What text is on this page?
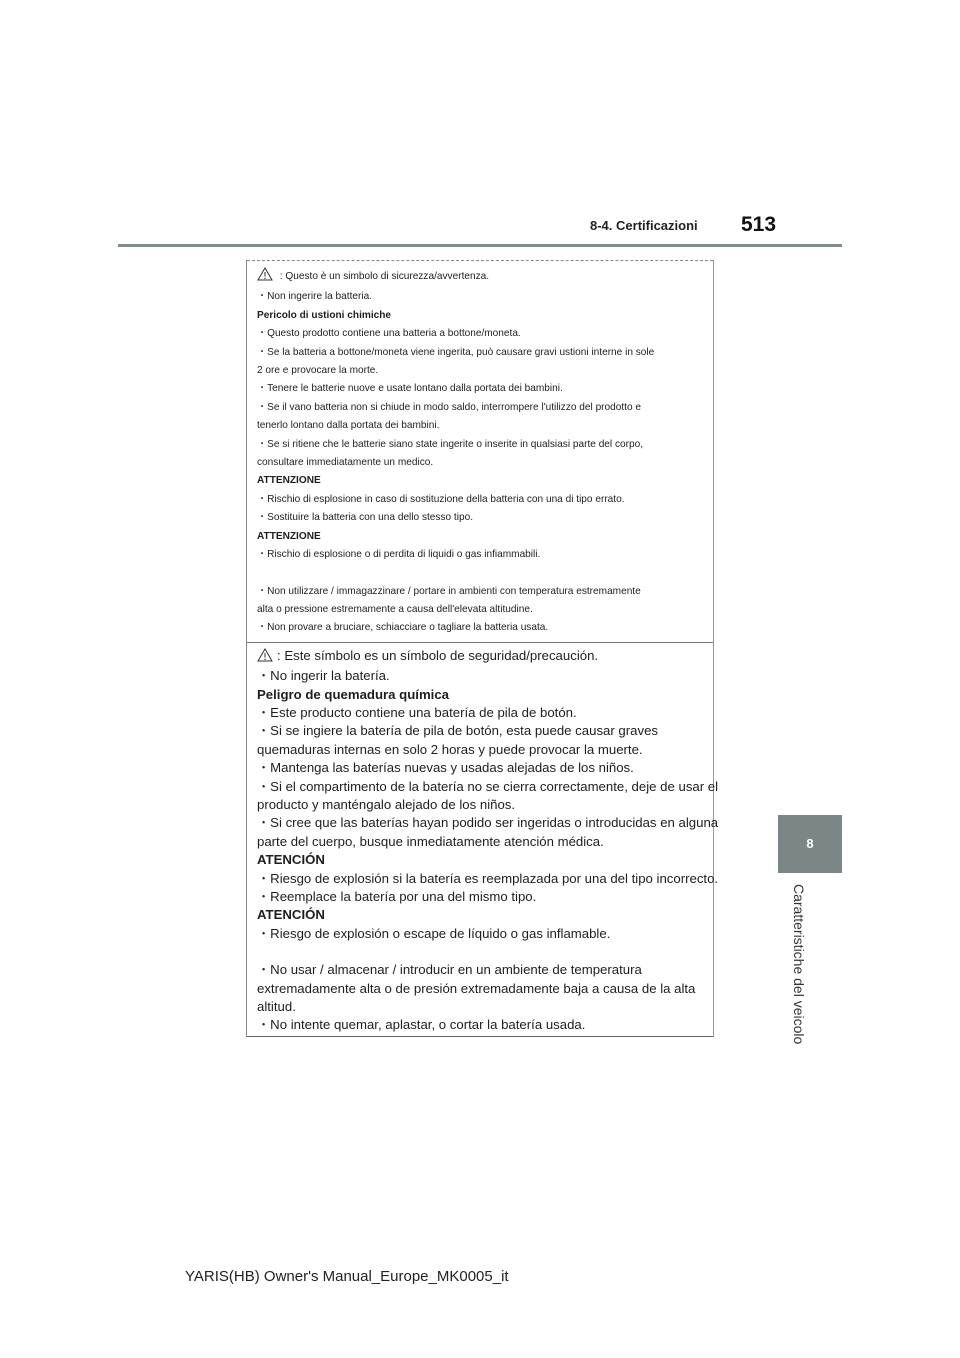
8-4. Certificazioni 513
8
Caratteristiche del veicolo

: Questo è un simbolo di sicurezza/avvertenza.

・Non ingerire la batteria.

Pericolo di ustioni chimiche

・Questo prodotto contiene una batteria a bottone/moneta.

・Se la batteria a bottone/moneta viene ingerita, può causare gravi ustioni interne in sole

2 ore e provocare la morte.

・Tenere le batterie nuove e usate lontano dalla portata dei bambini.

・Se il vano batteria non si chiude in modo saldo, interrompere l'utilizzo del prodotto e

tenerlo lontano dalla portata dei bambini.

・Se si ritiene che le batterie siano state ingerite o inserite in qualsiasi parte del corpo,

consultare immediatamente un medico.

ATTENZIONE

・Rischio di esplosione in caso di sostituzione della batteria con una di tipo errato.

・Sostituire la batteria con una dello stesso tipo.

ATTENZIONE

・Rischio di esplosione o di perdita di liquidi o gas infiammabili.

・Non utilizzare / immagazzinare / portare in ambienti con temperatura estremamente

alta o pressione estremamente a causa dell'elevata altitudine.

・Non provare a bruciare, schiacciare o tagliare la batteria usata.

: Este símbolo es un símbolo de seguridad/precaución.

・No ingerir la batería.

Peligro de quemadura química

・Este producto contiene una batería de pila de botón.

・Si se ingiere la batería de pila de botón, esta puede causar graves

quemaduras internas en solo 2 horas y puede provocar la muerte.

・Mantenga las baterías nuevas y usadas alejadas de los niños.

・Si el compartimento de la batería no se cierra correctamente, deje de usar el

producto y manténgalo alejado de los niños.

・Si cree que las baterías hayan podido ser ingeridas o introducidas en alguna

parte del cuerpo, busque inmediatamente atención médica.

ATENCIÓN

・Riesgo de explosión si la batería es reemplazada por una del tipo incorrecto.

・Reemplace la batería por una del mismo tipo.

ATENCIÓN

・Riesgo de explosión o escape de líquido o gas inflamable.

・No usar / almacenar / introducir en un ambiente de temperatura

extremadamente alta o de presión extremadamente baja a causa de la alta

altitud.

・No intente quemar, aplastar, o cortar la batería usada.

YARIS(HB) Owner's Manual_Europe_MK0005_it
